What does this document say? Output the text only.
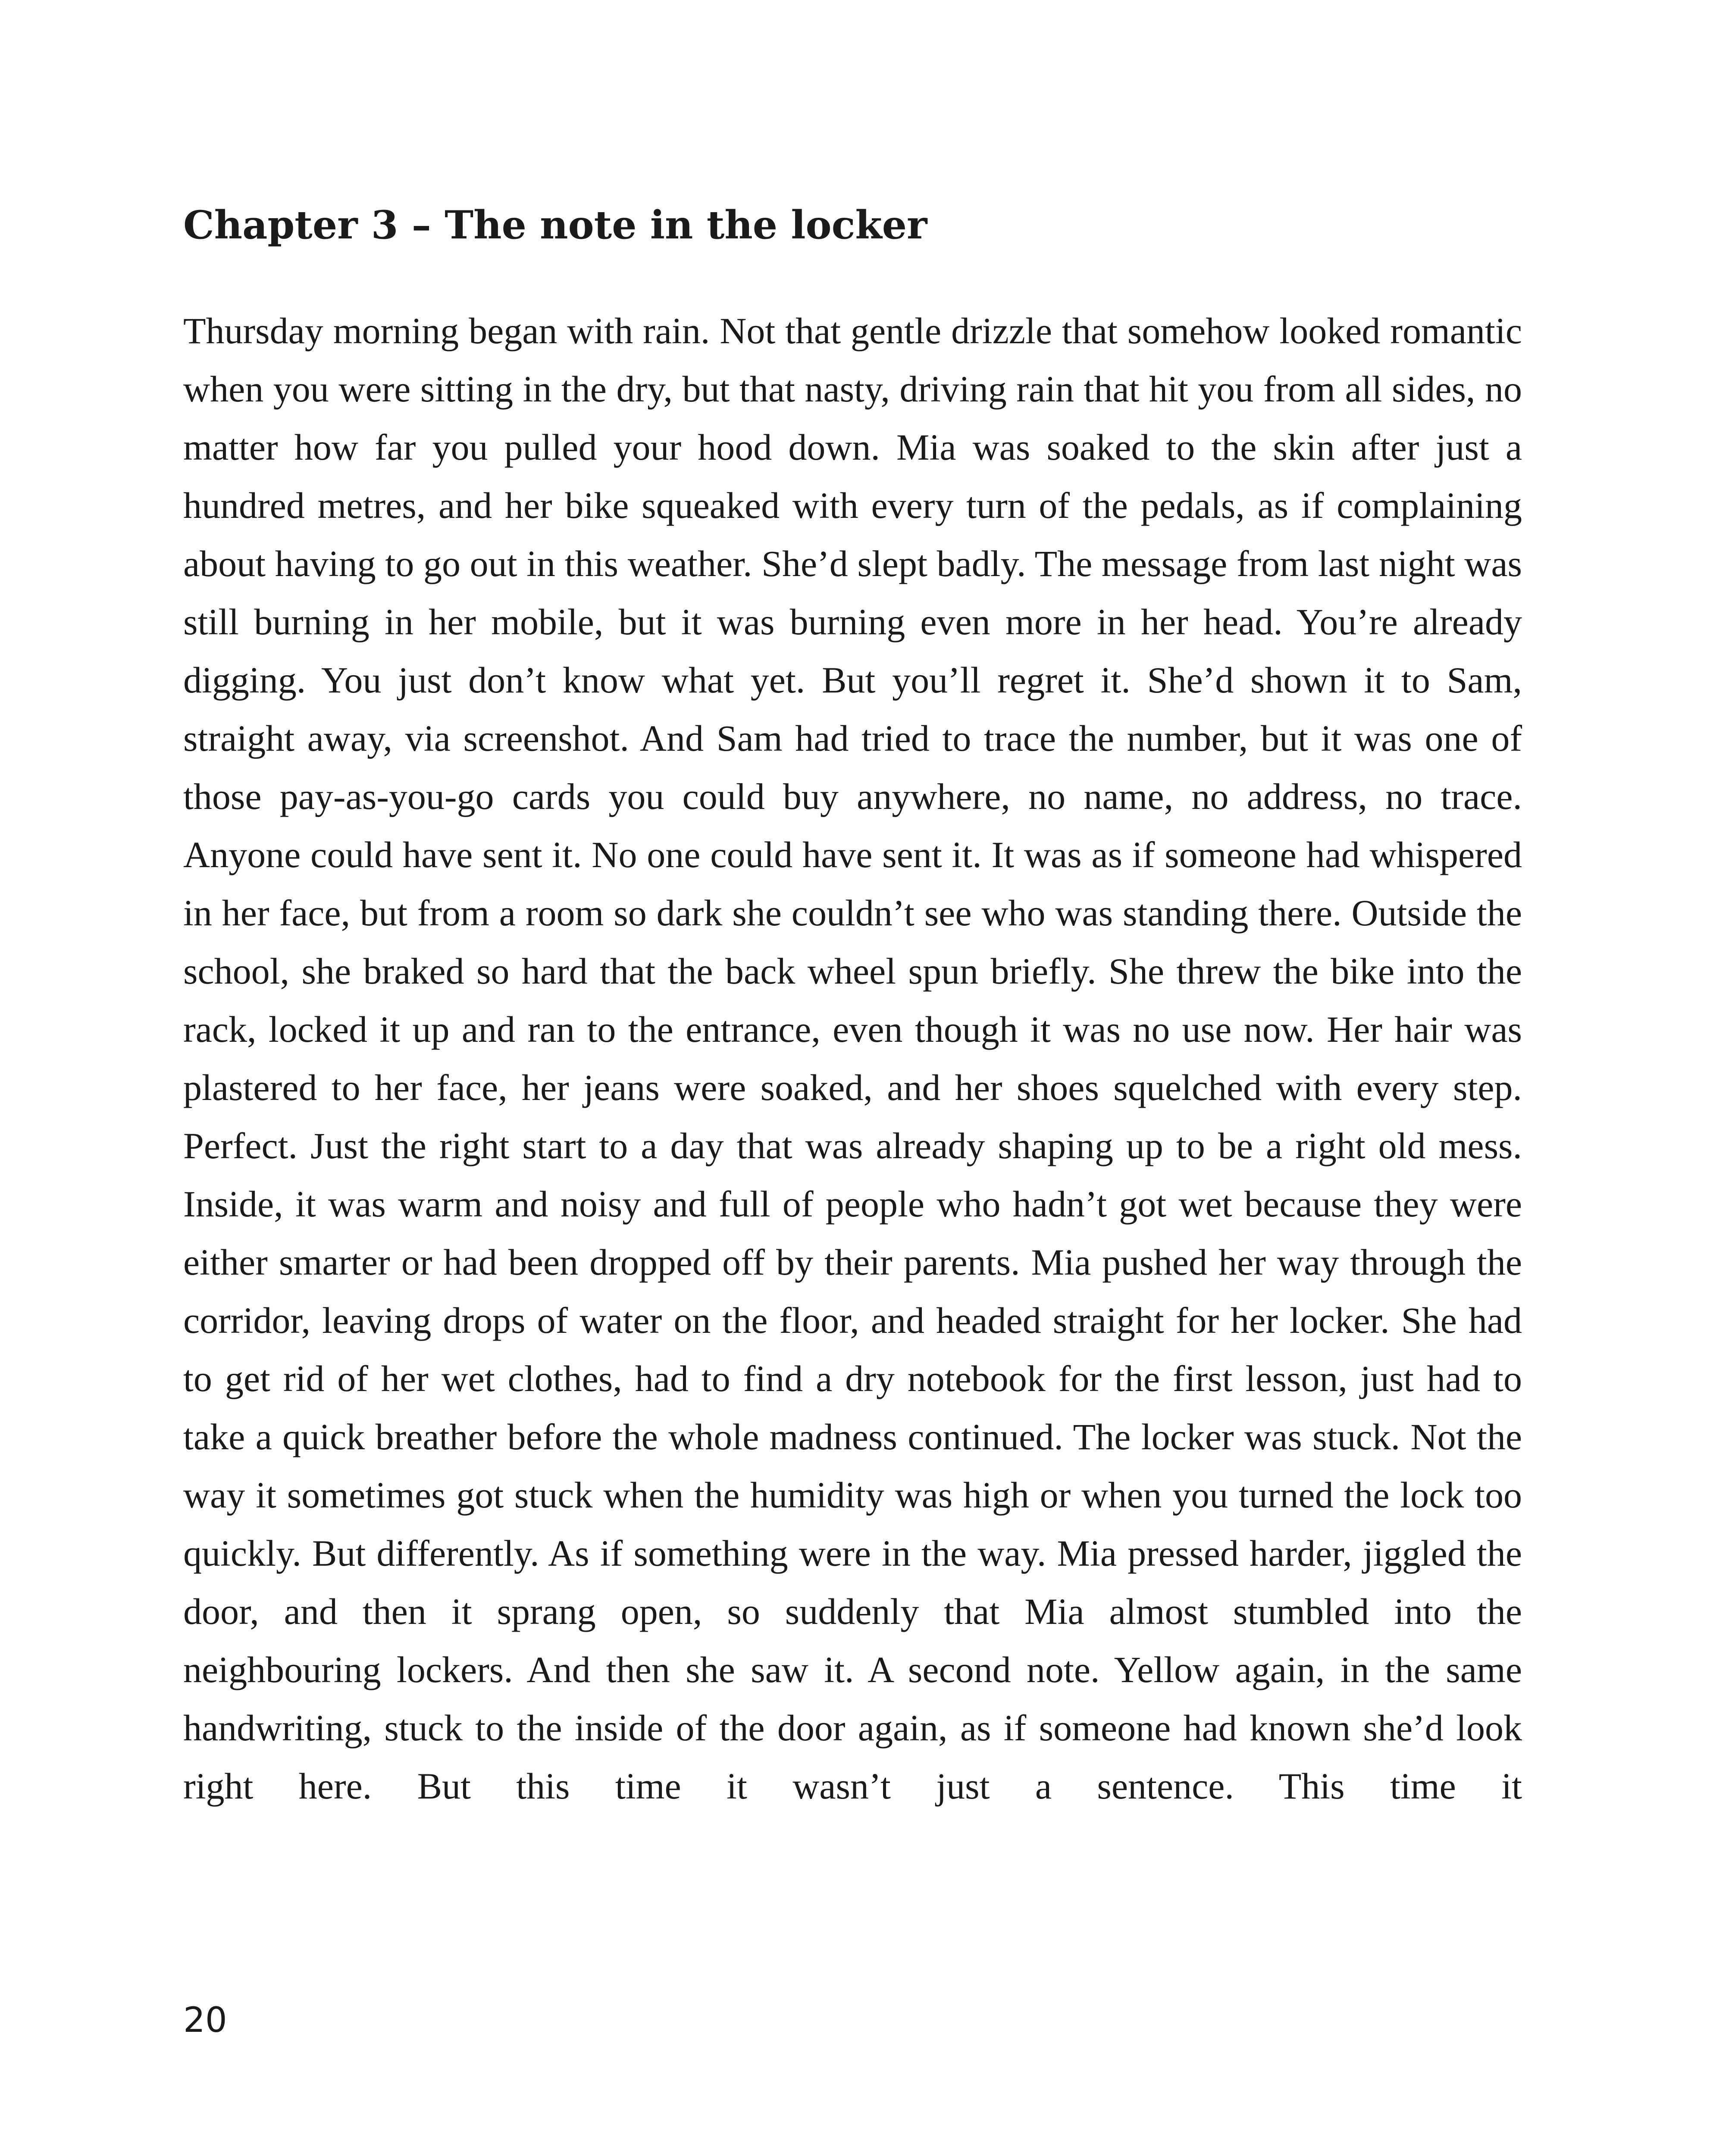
Chapter 3 – The note in the locker

Thursday morning began with rain. Not that gentle drizzle that somehow looked romantic when you were sitting in the dry, but that nasty, driving rain that hit you from all sides, no matter how far you pulled your hood down. Mia was soaked to the skin after just a hundred metres, and her bike squeaked with every turn of the pedals, as if complaining about having to go out in this weather. She’d slept badly. The message from last night was still burning in her mobile, but it was burning even more in her head. You’re already digging. You just don’t know what yet. But you’ll regret it. She’d shown it to Sam, straight away, via screenshot. And Sam had tried to trace the number, but it was one of those pay-as-you-go cards you could buy anywhere, no name, no address, no trace. Anyone could have sent it. No one could have sent it. It was as if someone had whispered in her face, but from a room so dark she couldn’t see who was standing there. Outside the school, she braked so hard that the back wheel spun briefly. She threw the bike into the rack, locked it up and ran to the entrance, even though it was no use now. Her hair was plastered to her face, her jeans were soaked, and her shoes squelched with every step. Perfect. Just the right start to a day that was already shaping up to be a right old mess. Inside, it was warm and noisy and full of people who hadn’t got wet because they were either smarter or had been dropped off by their parents. Mia pushed her way through the corridor, leaving drops of water on the floor, and headed straight for her locker. She had to get rid of her wet clothes, had to find a dry notebook for the first lesson, just had to take a quick breather before the whole madness continued. The locker was stuck. Not the way it sometimes got stuck when the humidity was high or when you turned the lock too quickly. But differently. As if something were in the way. Mia pressed harder, jiggled the door, and then it sprang open, so suddenly that Mia almost stumbled into the neighbouring lockers. And then she saw it. A second note. Yellow again, in the same handwriting, stuck to the inside of the door again, as if someone had known she’d look right here. But this time it wasn’t just a sentence. This time it

20
